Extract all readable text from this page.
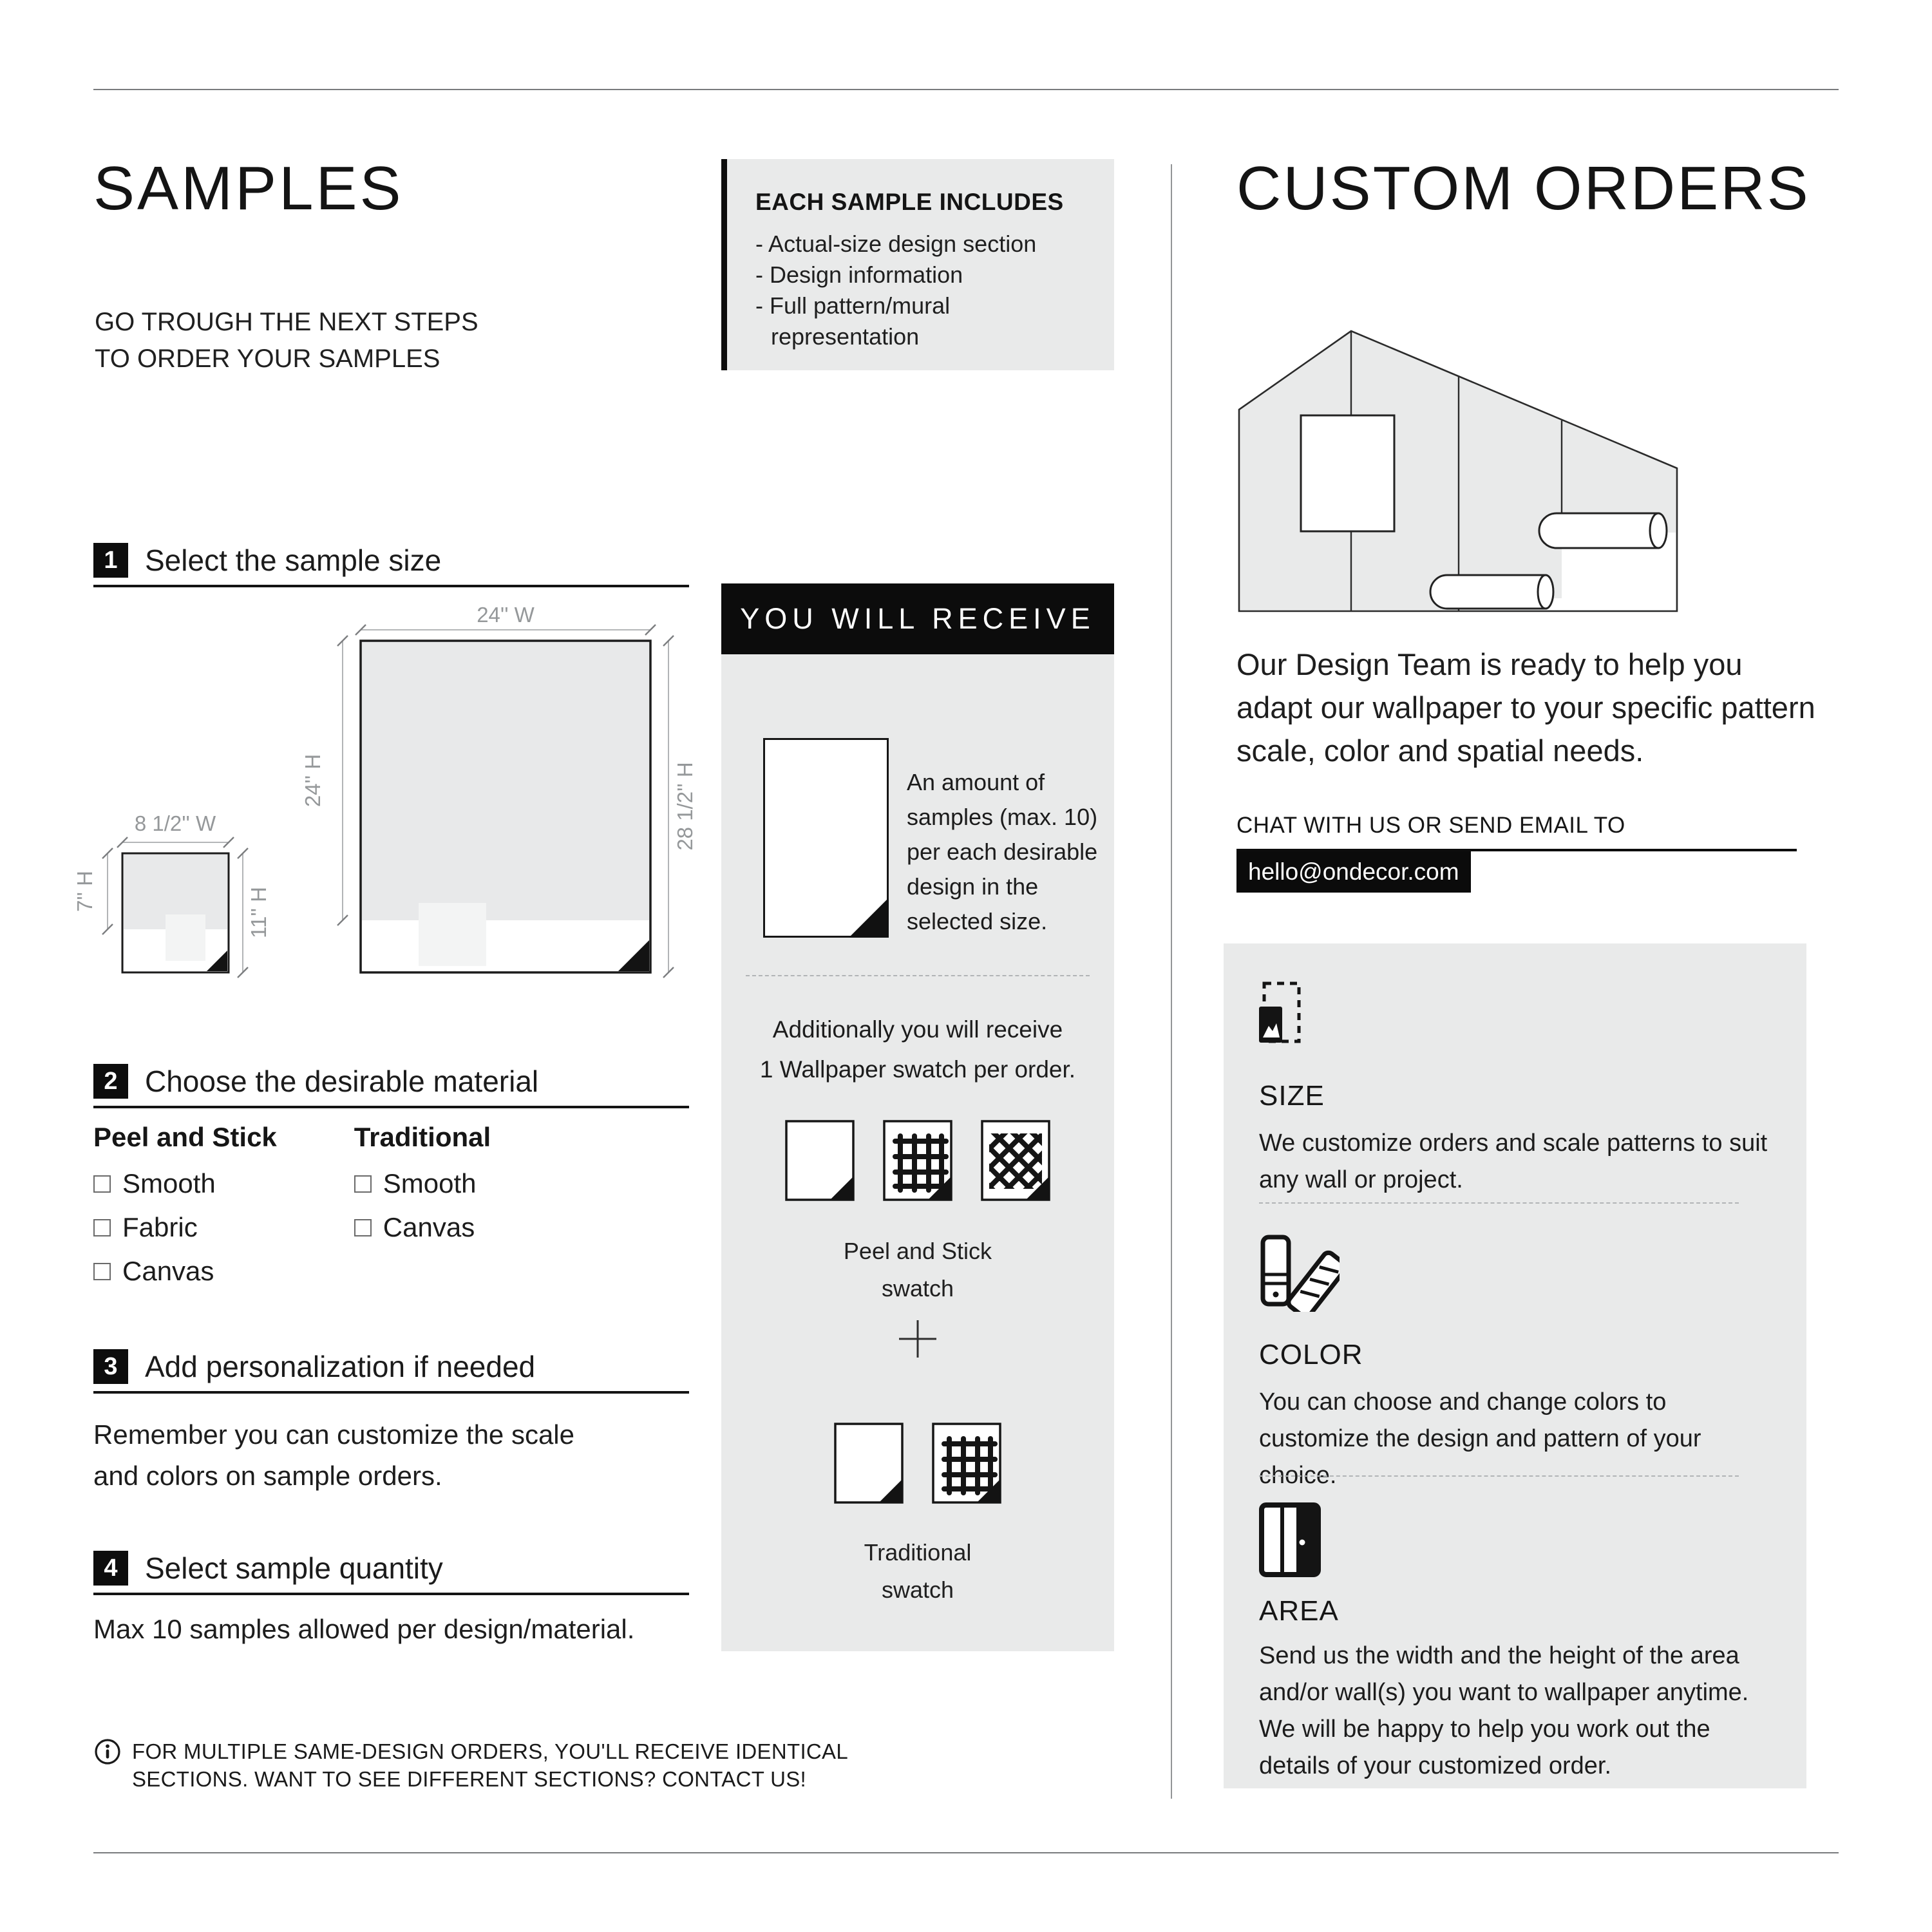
SAMPLES
GO TROUGH THE NEXT STEPS
TO ORDER YOUR SAMPLES
EACH SAMPLE INCLUDES
- Actual-size design section
- Design information
- Full pattern/mural representation
1 Select the sample size
24'' W
24'' H	28 1/2'' H
8 1/2'' W
7'' H	11'' H
2 Choose the desirable material
Peel and Stick
Smooth
Fabric
Canvas
Traditional
Smooth
Canvas
3 Add personalization if needed
Remember you can customize the scale and colors on sample orders.
4 Select sample quantity
Max 10 samples allowed per design/material.
FOR MULTIPLE SAME-DESIGN ORDERS, YOU'LL RECEIVE IDENTICAL
SECTIONS. WANT TO SEE DIFFERENT SECTIONS? CONTACT US!
YOU WILL RECEIVE
An amount of samples (max. 10) per each desirable design in the selected size.
Additionally you will receive
1 Wallpaper swatch per order.
Peel and Stick
swatch
Traditional
swatch
CUSTOM ORDERS

Our Design Team is ready to help you adapt our wallpaper to your specific pattern scale, color and spatial needs.

CHAT WITH US OR SEND EMAIL TO
hello@ondecor.com
SIZE
We customize orders and scale patterns to suit any wall or project.
COLOR
You can choose and change colors to customize the design and pattern of your choice.
AREA
Send us the width and the height of the area and/or wall(s) you want to wallpaper anytime. We will be happy to help you work out the details of your customized order.
